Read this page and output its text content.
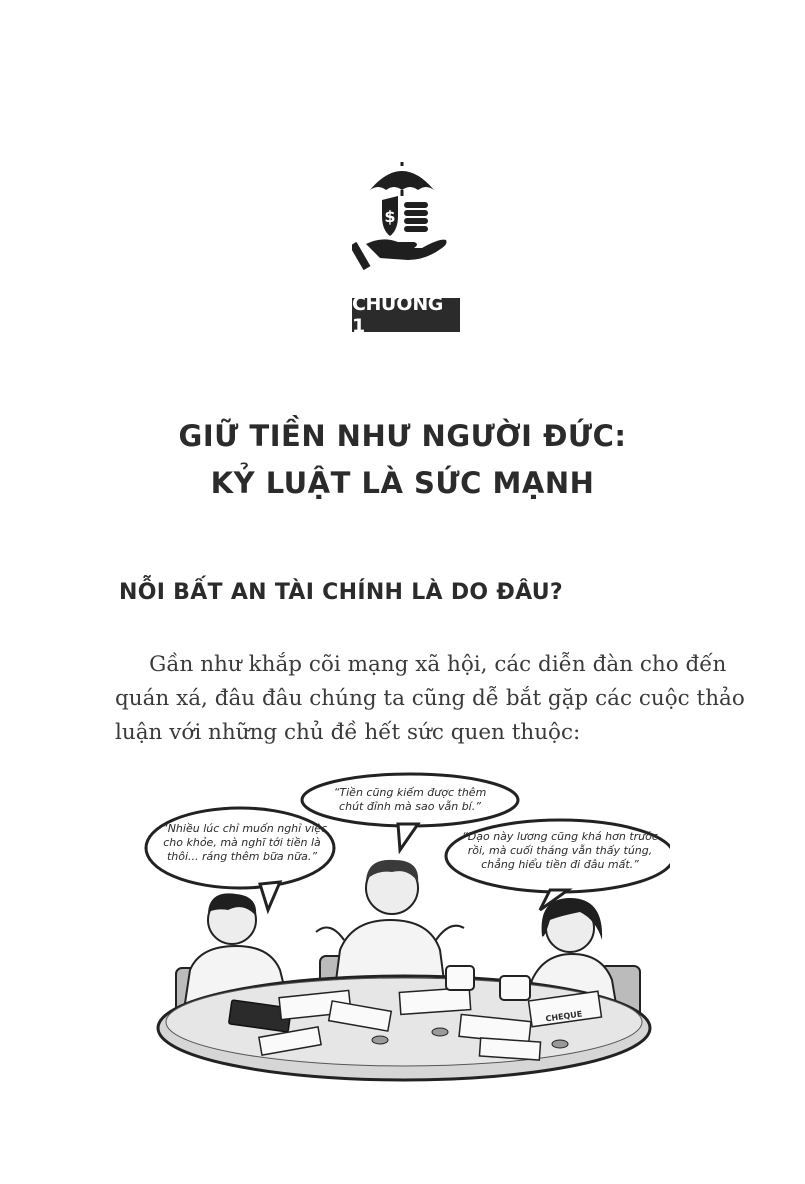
$
CHƯƠNG 1
GIỮ TIỀN NHƯ NGƯỜI ĐỨC:
KỶ LUẬT LÀ SỨC MẠNH
NỖI BẤT AN TÀI CHÍNH LÀ DO ĐÂU?
Gần như khắp cõi mạng xã hội, các diễn đàn cho đến
quán xá, đâu đâu chúng ta cũng dễ bắt gặp các cuộc thảo
luận với những chủ đề hết sức quen thuộc:
“Nhiều lúc chỉ muốn nghỉ việc
cho khỏe, mà nghĩ tới tiền là
thôi... ráng thêm bữa nữa.”
“Tiền cũng kiếm được thêm
chút đỉnh mà sao vẫn bí.”
“Dạo này lương cũng khá hơn trước
rồi, mà cuối tháng vẫn thấy túng,
chẳng hiểu tiền đi đâu mất.”
CHEQUE
